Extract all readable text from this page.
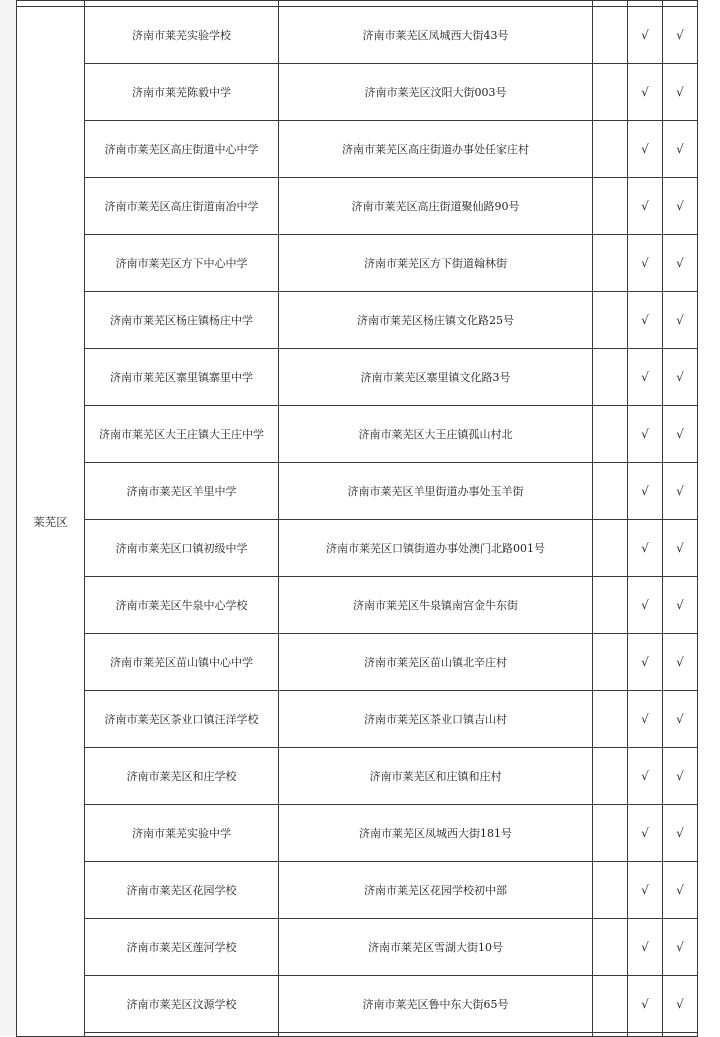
莱芜区	济南市莱芜实验学校	济南市莱芜区凤城西大街43号		√	√
	济南市莱芜陈毅中学	济南市莱芜区汶阳大街003号		√	√
	济南市莱芜区高庄街道中心中学	济南市莱芜区高庄街道办事处任家庄村		√	√
	济南市莱芜区高庄街道南冶中学	济南市莱芜区高庄街道聚仙路90号		√	√
	济南市莱芜区方下中心中学	济南市莱芜区方下街道翰林街		√	√
	济南市莱芜区杨庄镇杨庄中学	济南市莱芜区杨庄镇文化路25号		√	√
	济南市莱芜区寨里镇寨里中学	济南市莱芜区寨里镇文化路3号		√	√
	济南市莱芜区大王庄镇大王庄中学	济南市莱芜区大王庄镇孤山村北		√	√
	济南市莱芜区羊里中学	济南市莱芜区羊里街道办事处玉羊街		√	√
	济南市莱芜区口镇初级中学	济南市莱芜区口镇街道办事处澳门北路001号		√	√
	济南市莱芜区牛泉中心学校	济南市莱芜区牛泉镇南宫金牛东街		√	√
	济南市莱芜区苗山镇中心中学	济南市莱芜区苗山镇北辛庄村		√	√
	济南市莱芜区茶业口镇汪洋学校	济南市莱芜区茶业口镇吉山村		√	√
	济南市莱芜区和庄学校	济南市莱芜区和庄镇和庄村		√	√
	济南市莱芜实验中学	济南市莱芜区凤城西大街181号		√	√
	济南市莱芜区花园学校	济南市莱芜区花园学校初中部		√	√
	济南市莱芜区莲河学校	济南市莱芜区雪湖大街10号		√	√
	济南市莱芜区汶源学校	济南市莱芜区鲁中东大街65号		√	√
